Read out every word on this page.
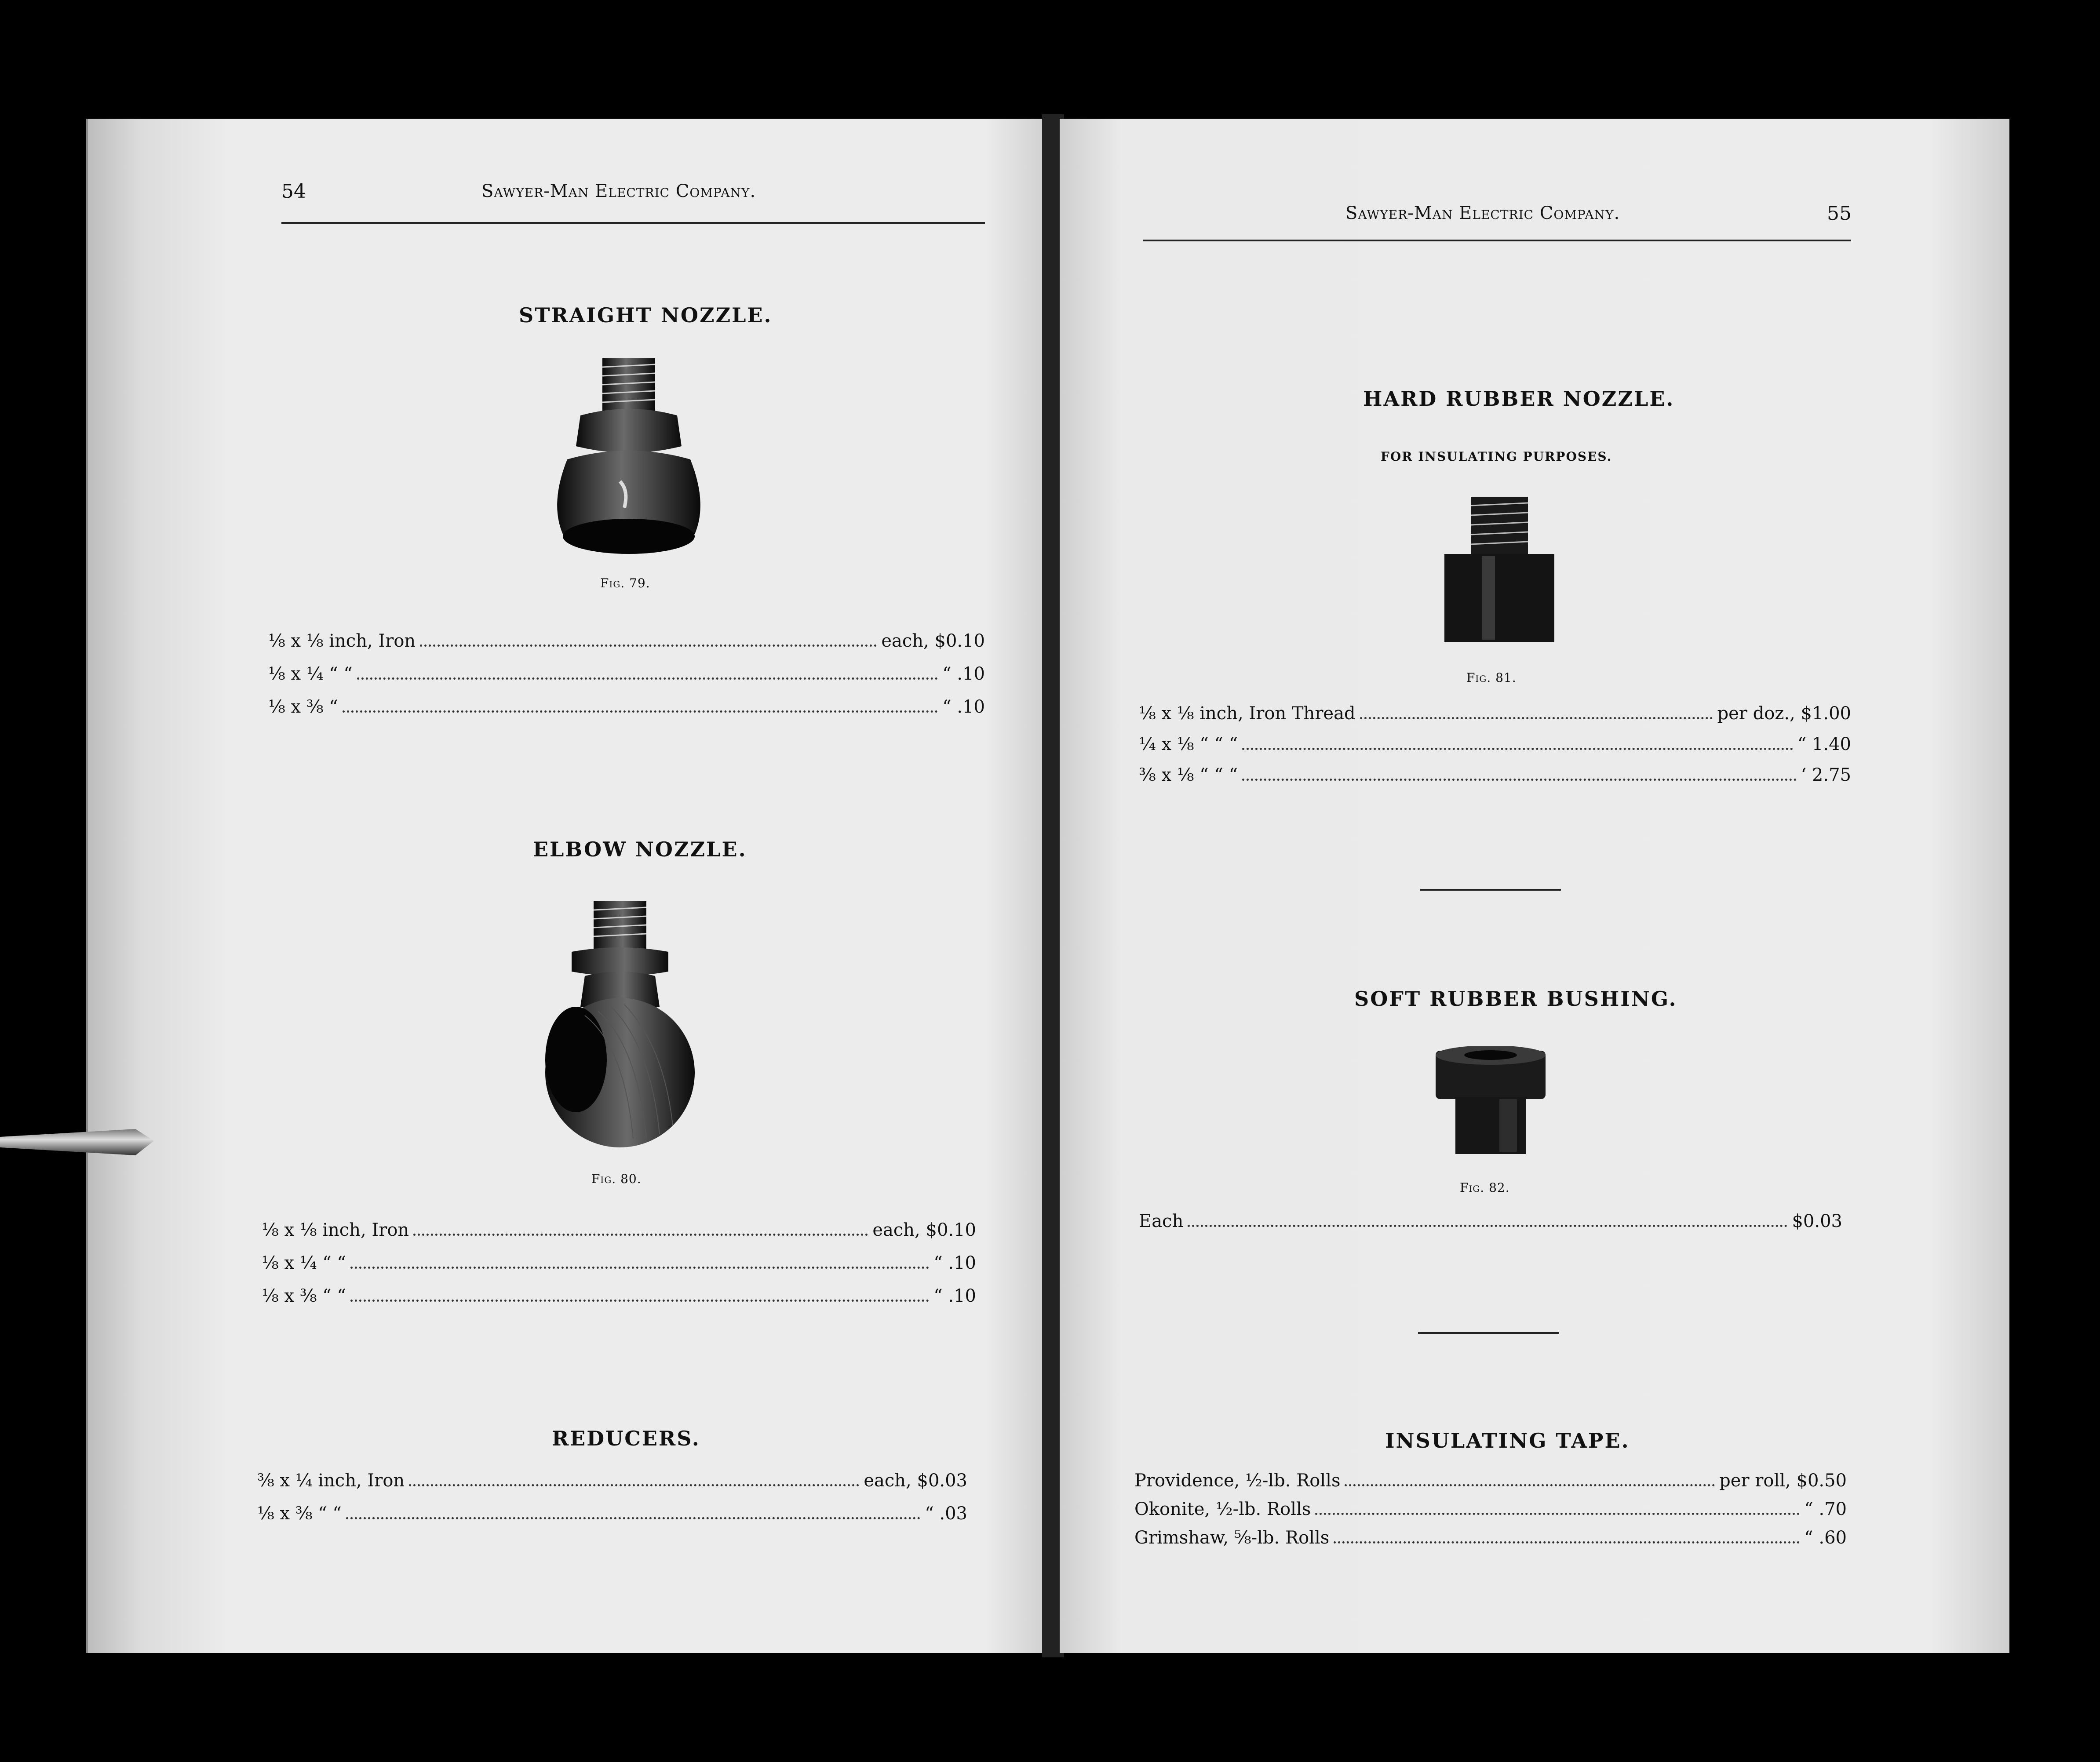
54	Sawyer-Man Electric Company.
STRAIGHT NOZZLE.
Fig. 79.
⅛ x ⅛ inch, Iron	each, $0.10
⅛ x ¼ “ “	“ .10
⅛ x ⅜ “	“ .10
ELBOW NOZZLE.
Fig. 80.
⅛ x ⅛ inch, Iron	each, $0.10
⅛ x ¼ “ “	“ .10
⅛ x ⅜ “ “	“ .10
REDUCERS.
⅜ x ¼ inch, Iron	each, $0.03
⅛ x ⅜ “ “	“ .03
Sawyer-Man Electric Company.	55
HARD RUBBER NOZZLE.
FOR INSULATING PURPOSES.
Fig. 81.
⅛ x ⅛ inch, Iron Thread	per doz., $1.00
¼ x ⅛ “ “ “	“ 1.40
⅜ x ⅛ “ “ “	‘ 2.75
SOFT RUBBER BUSHING.
Fig. 82.
Each	$0.03
INSULATING TAPE.
Providence, ½-lb. Rolls	per roll, $0.50
Okonite, ½-lb. Rolls	“ .70
Grimshaw, ⅝-lb. Rolls	“ .60
